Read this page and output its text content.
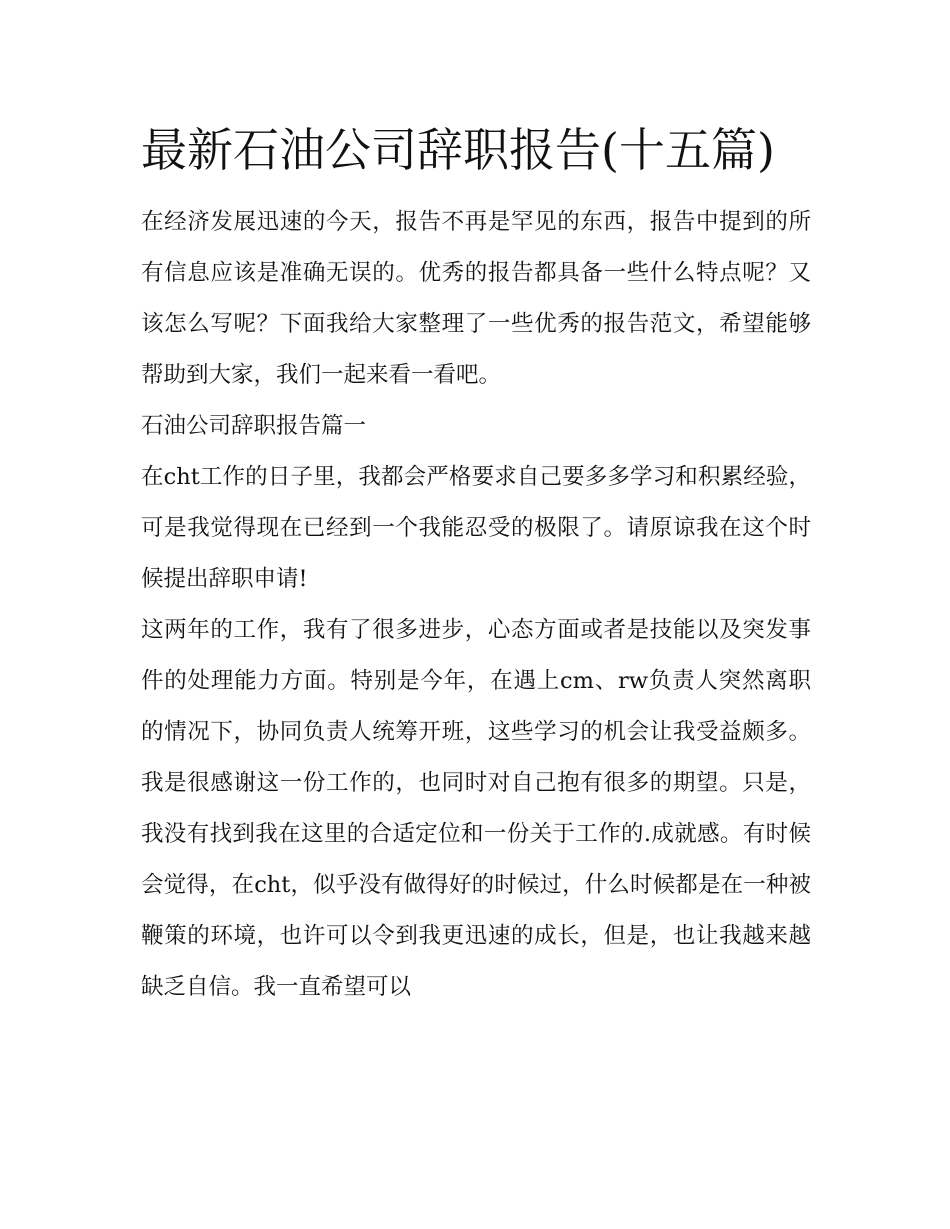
最新石油公司辞职报告(十五篇)

在经济发展迅速的今天，报告不再是罕见的东西，报告中提到的所有信息应该是准确无误的。优秀的报告都具备一些什么特点呢？又该怎么写呢？下面我给大家整理了一些优秀的报告范文，希望能够帮助到大家，我们一起来看一看吧。

石油公司辞职报告篇一

在cht工作的日子里，我都会严格要求自己要多多学习和积累经验，可是我觉得现在已经到一个我能忍受的极限了。请原谅我在这个时候提出辞职申请!

这两年的工作，我有了很多进步，心态方面或者是技能以及突发事件的处理能力方面。特别是今年，在遇上cm、rw负责人突然离职的情况下，协同负责人统筹开班，这些学习的机会让我受益颇多。我是很感谢这一份工作的，也同时对自己抱有很多的期望。只是，我没有找到我在这里的合适定位和一份关于工作的.成就感。有时候会觉得，在cht，似乎没有做得好的时候过，什么时候都是在一种被鞭策的环境，也许可以令到我更迅速的成长，但是，也让我越来越缺乏自信。我一直希望可以
